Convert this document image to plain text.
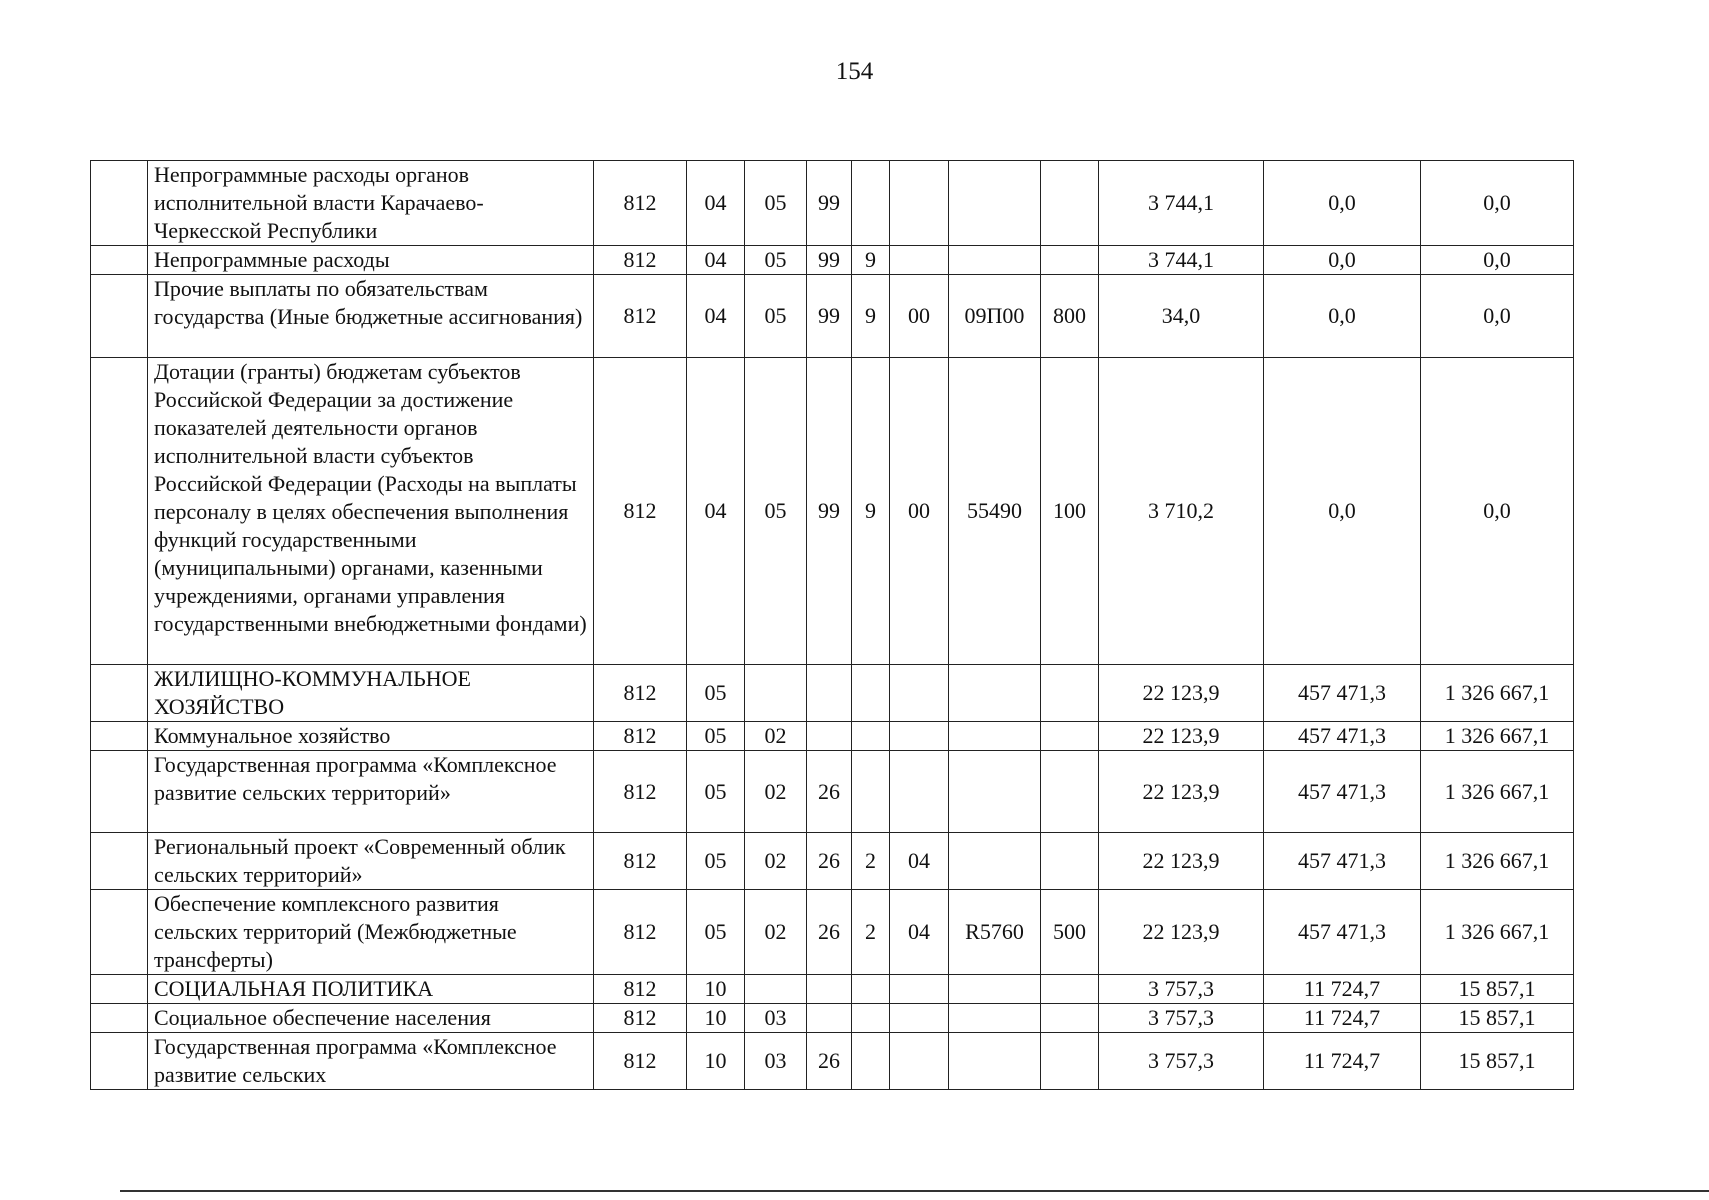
154
	Непрограммные расходы органов исполнительной власти Карачаево-Черкесской Республики	812	04	05	99					3 744,1	0,0	0,0
	Непрограммные расходы	812	04	05	99	9				3 744,1	0,0	0,0
	Прочие выплаты по обязательствам государства (Иные бюджетные ассигнования)	812	04	05	99	9	00	09П00	800	34,0	0,0	0,0
	Дотации (гранты) бюджетам субъектов Российской Федерации за достижение показателей деятельности органов исполнительной власти субъектов Российской Федерации (Расходы на выплаты персоналу в целях обеспечения выполнения функций государственными (муниципальными) органами, казенными учреждениями, органами управления государственными внебюджетными фондами)	812	04	05	99	9	00	55490	100	3 710,2	0,0	0,0
	ЖИЛИЩНО-КОММУНАЛЬНОЕ ХОЗЯЙСТВО	812	05							22 123,9	457 471,3	1 326 667,1
	Коммунальное хозяйство	812	05	02						22 123,9	457 471,3	1 326 667,1
	Государственная программа «Комплексное развитие сельских территорий»	812	05	02	26					22 123,9	457 471,3	1 326 667,1
	Региональный проект «Современный облик сельских территорий»	812	05	02	26	2	04			22 123,9	457 471,3	1 326 667,1
	Обеспечение комплексного развития сельских территорий (Межбюджетные трансферты)	812	05	02	26	2	04	R5760	500	22 123,9	457 471,3	1 326 667,1
	СОЦИАЛЬНАЯ ПОЛИТИКА	812	10							3 757,3	11 724,7	15 857,1
	Социальное обеспечение населения	812	10	03						3 757,3	11 724,7	15 857,1
	Государственная программа «Комплексное развитие сельских	812	10	03	26					3 757,3	11 724,7	15 857,1
